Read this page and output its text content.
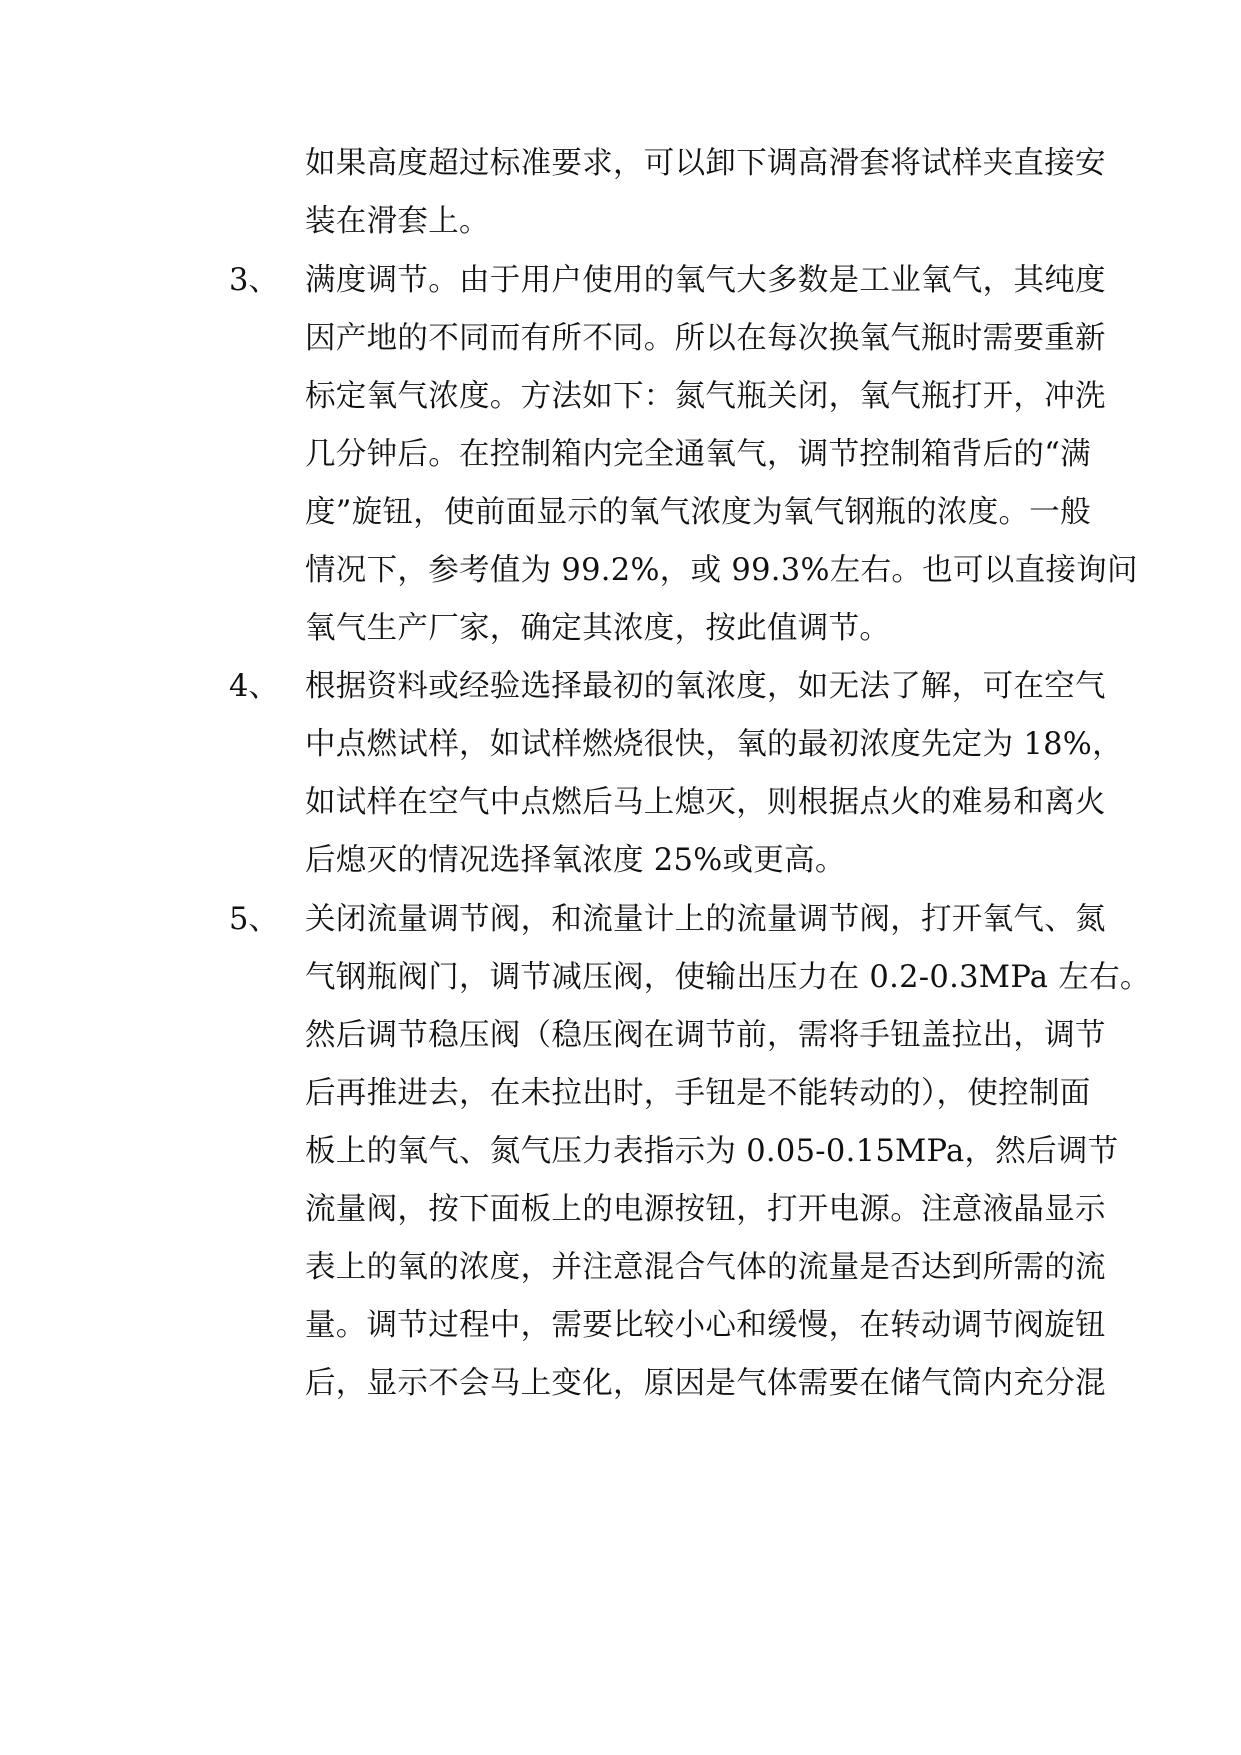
如果高度超过标准要求，可以卸下调高滑套将试样夹直接安
装在滑套上。
3、 满度调节。由于用户使用的氧气大多数是工业氧气，其纯度
因产地的不同而有所不同。所以在每次换氧气瓶时需要重新
标定氧气浓度。方法如下：氮气瓶关闭，氧气瓶打开，冲洗
几分钟后。在控制箱内完全通氧气，调节控制箱背后的“满
度”旋钮，使前面显示的氧气浓度为氧气钢瓶的浓度。一般
情况下，参考值为 99.2%，或 99.3%左右。也可以直接询问
氧气生产厂家，确定其浓度，按此值调节。
4、 根据资料或经验选择最初的氧浓度，如无法了解，可在空气
中点燃试样，如试样燃烧很快，氧的最初浓度先定为 18%，
如试样在空气中点燃后马上熄灭，则根据点火的难易和离火
后熄灭的情况选择氧浓度 25%或更高。
5、 关闭流量调节阀，和流量计上的流量调节阀，打开氧气、氮
气钢瓶阀门，调节减压阀，使输出压力在 0.2-0.3MPa 左右。
然后调节稳压阀（稳压阀在调节前，需将手钮盖拉出，调节
后再推进去，在未拉出时，手钮是不能转动的），使控制面
板上的氧气、氮气压力表指示为 0.05-0.15MPa，然后调节
流量阀，按下面板上的电源按钮，打开电源。注意液晶显示
表上的氧的浓度，并注意混合气体的流量是否达到所需的流
量。调节过程中，需要比较小心和缓慢，在转动调节阀旋钮
后，显示不会马上变化，原因是气体需要在储气筒内充分混
